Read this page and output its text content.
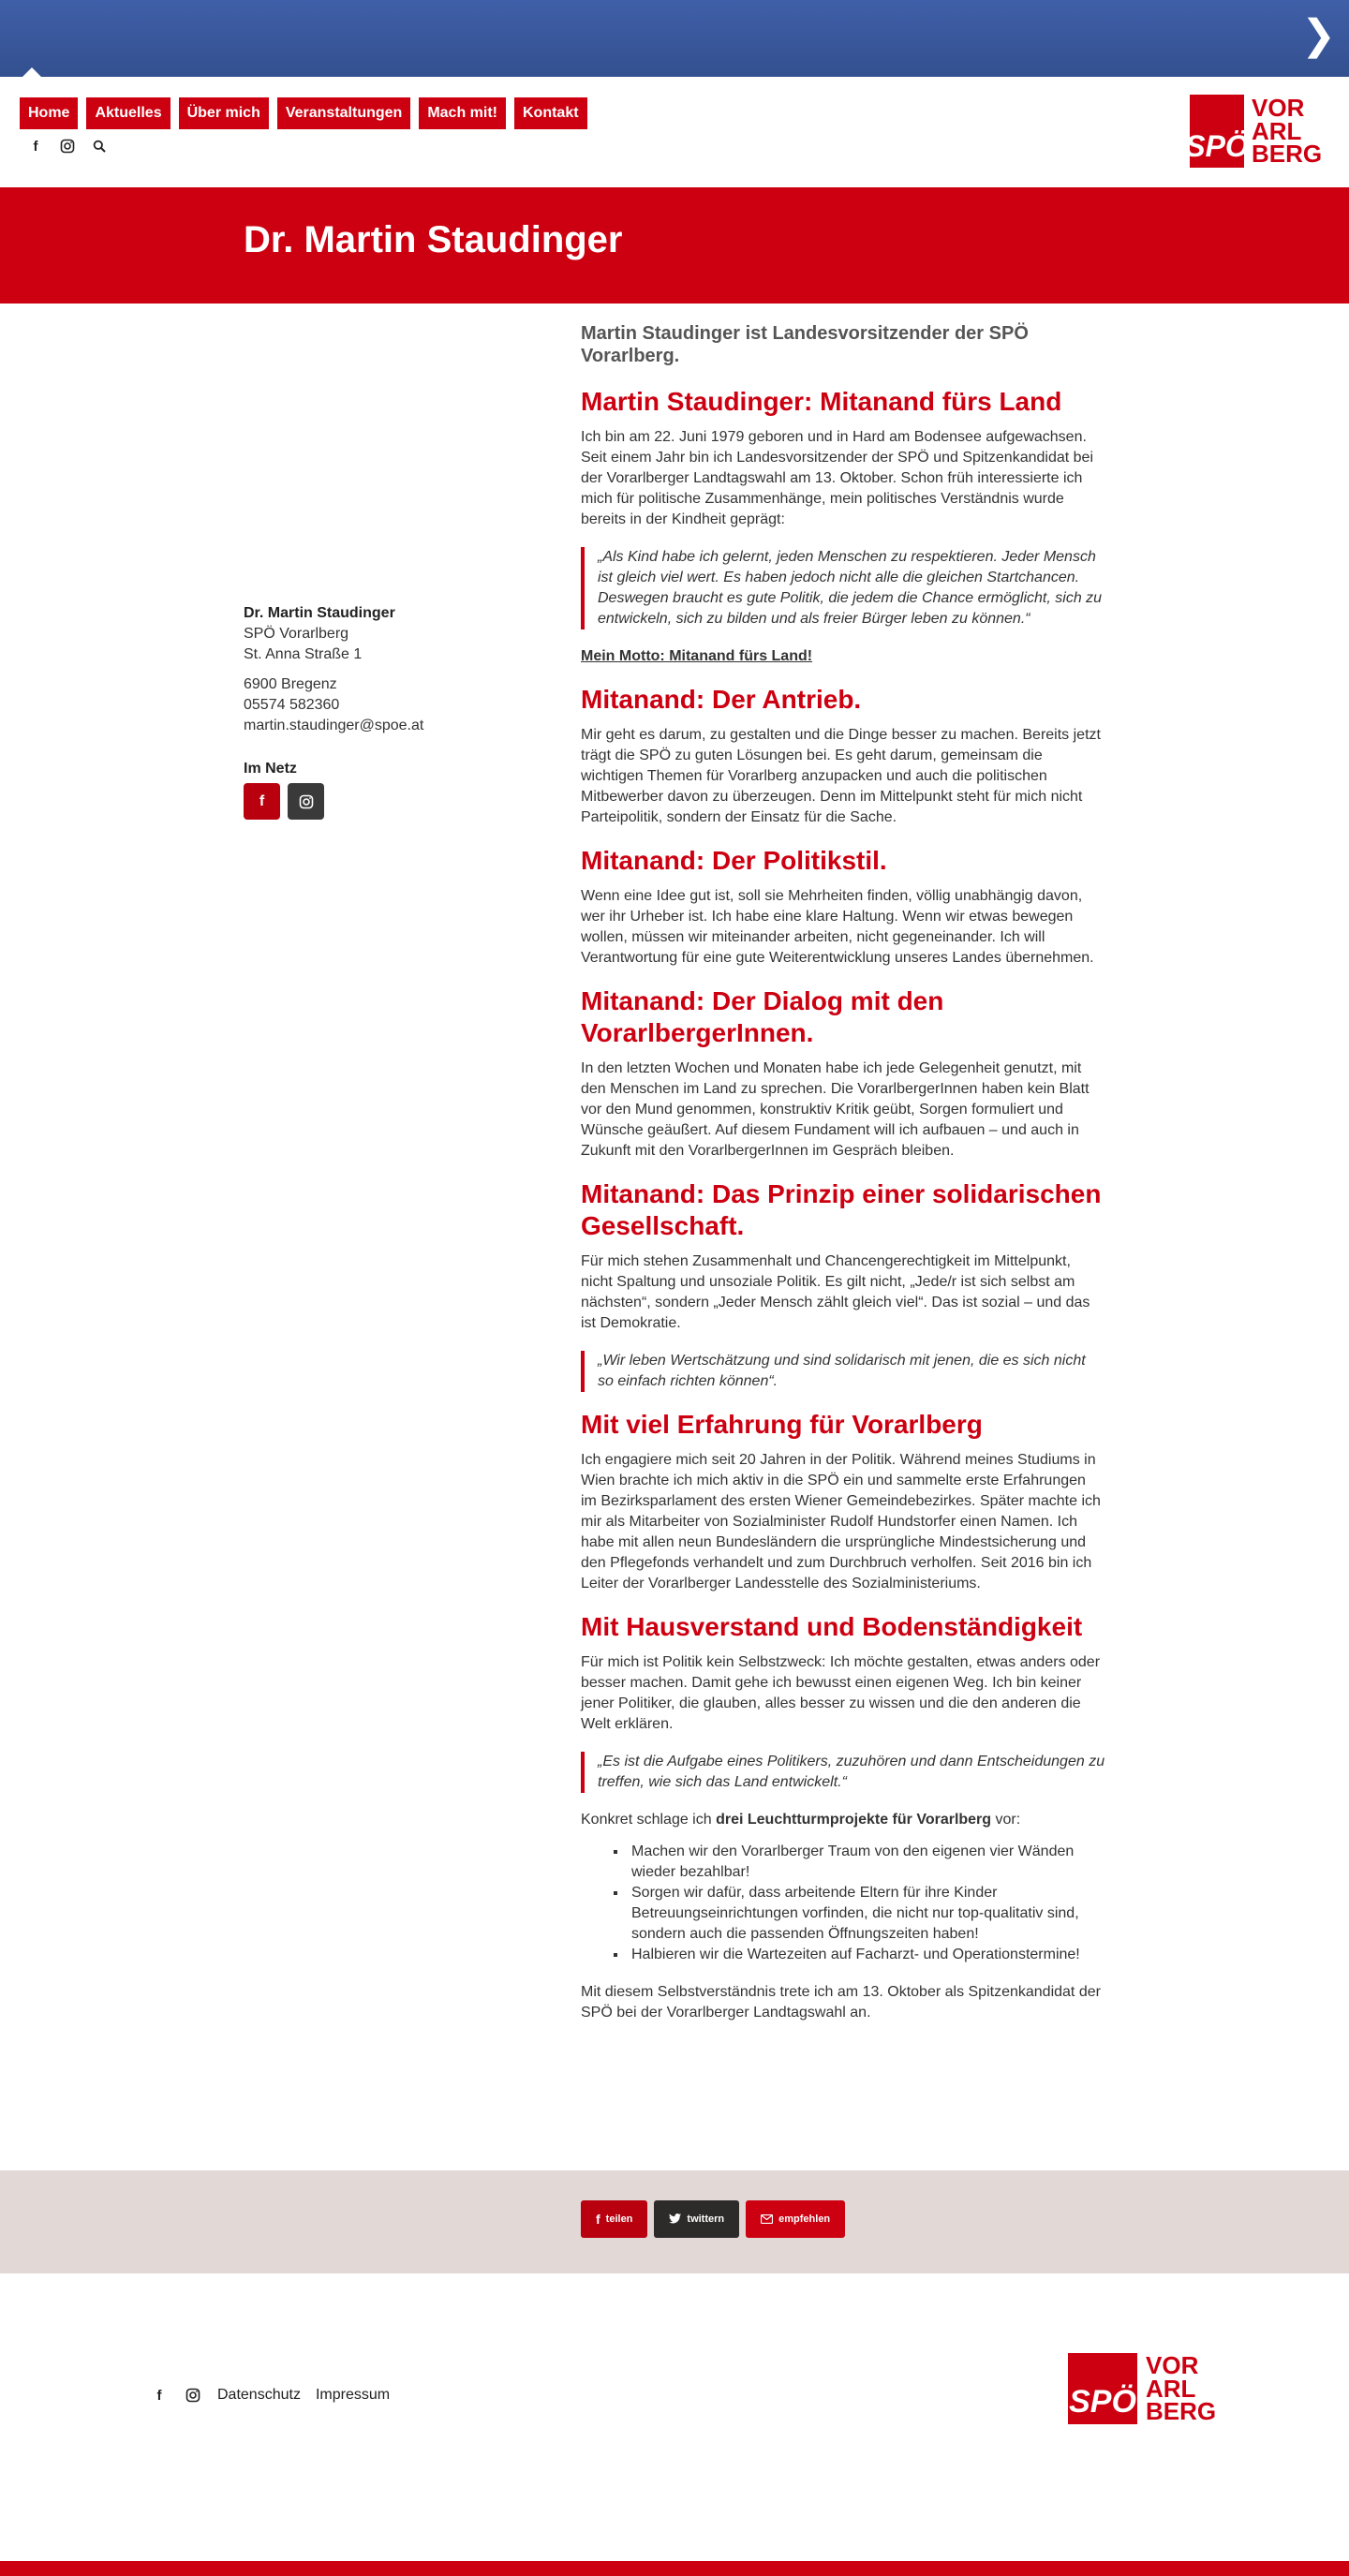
❯
Home	Aktuelles	Über mich	Veranstaltungen	Mach mit!	Kontakt
f	SPÖ
VOR
ARL
BERG
Dr. Martin Staudinger
Dr. Martin Staudinger
SPÖ Vorarlberg
St. Anna Straße 1
6900 Bregenz
05574 582360
martin.staudinger@spoe.at
Im Netz
f
Martin Staudinger ist Landesvorsitzender der SPÖ Vorarlberg.
Martin Staudinger: Mitanand fürs Land

Ich bin am 22. Juni 1979 geboren und in Hard am Bodensee aufgewachsen. Seit einem Jahr bin ich Landesvorsitzender der SPÖ und Spitzenkandidat bei der Vorarlberger Landtagswahl am 13. Oktober. Schon früh interessierte ich mich für politische Zusammenhänge, mein politisches Verständnis wurde bereits in der Kindheit geprägt:

„Als Kind habe ich gelernt, jeden Menschen zu respektieren. Jeder Mensch ist gleich viel wert. Es haben jedoch nicht alle die gleichen Startchancen. Deswegen braucht es gute Politik, die jedem die Chance ermöglicht, sich zu entwickeln, sich zu bilden und als freier Bürger leben zu können.“

Mein Motto: Mitanand fürs Land!

Mitanand: Der Antrieb.

Mir geht es darum, zu gestalten und die Dinge besser zu machen. Bereits jetzt trägt die SPÖ zu guten Lösungen bei. Es geht darum, gemeinsam die wichtigen Themen für Vorarlberg anzupacken und auch die politischen Mitbewerber davon zu überzeugen. Denn im Mittelpunkt steht für mich nicht Parteipolitik, sondern der Einsatz für die Sache.

Mitanand: Der Politikstil.

Wenn eine Idee gut ist, soll sie Mehrheiten finden, völlig unabhängig davon, wer ihr Urheber ist. Ich habe eine klare Haltung. Wenn wir etwas bewegen wollen, müssen wir miteinander arbeiten, nicht gegeneinander. Ich will Verantwortung für eine gute Weiterentwicklung unseres Landes übernehmen.

Mitanand: Der Dialog mit den VorarlbergerInnen.

In den letzten Wochen und Monaten habe ich jede Gelegenheit genutzt, mit den Menschen im Land zu sprechen. Die VorarlbergerInnen haben kein Blatt vor den Mund genommen, konstruktiv Kritik geübt, Sorgen formuliert und Wünsche geäußert. Auf diesem Fundament will ich aufbauen – und auch in Zukunft mit den VorarlbergerInnen im Gespräch bleiben.

Mitanand: Das Prinzip einer solidarischen Gesellschaft.

Für mich stehen Zusammenhalt und Chancengerechtigkeit im Mittelpunkt, nicht Spaltung und unsoziale Politik. Es gilt nicht, „Jede/r ist sich selbst am nächsten“, sondern „Jeder Mensch zählt gleich viel“. Das ist sozial – und das ist Demokratie.

„Wir leben Wertschätzung und sind solidarisch mit jenen, die es sich nicht so einfach richten können“.
Mit viel Erfahrung für Vorarlberg

Ich engagiere mich seit 20 Jahren in der Politik. Während meines Studiums in Wien brachte ich mich aktiv in die SPÖ ein und sammelte erste Erfahrungen im Bezirksparlament des ersten Wiener Gemeindebezirkes. Später machte ich mir als Mitarbeiter von Sozialminister Rudolf Hundstorfer einen Namen. Ich habe mit allen neun Bundesländern die ursprüngliche Mindestsicherung und den Pflegefonds verhandelt und zum Durchbruch verholfen. Seit 2016 bin ich Leiter der Vorarlberger Landesstelle des Sozialministeriums.

Mit Hausverstand und Bodenständigkeit

Für mich ist Politik kein Selbstzweck: Ich möchte gestalten, etwas anders oder besser machen. Damit gehe ich bewusst einen eigenen Weg. Ich bin keiner jener Politiker, die glauben, alles besser zu wissen und die den anderen die Welt erklären.

„Es ist die Aufgabe eines Politikers, zuzuhören und dann Entscheidungen zu treffen, wie sich das Land entwickelt.“

Konkret schlage ich drei Leuchtturmprojekte für Vorarlberg vor:

▪ Machen wir den Vorarlberger Traum von den eigenen vier Wänden wieder bezahlbar!
▪ Sorgen wir dafür, dass arbeitende Eltern für ihre Kinder Betreuungseinrichtungen vorfinden, die nicht nur top-qualitativ sind, sondern auch die passenden Öffnungszeiten haben!
▪ Halbieren wir die Wartezeiten auf Facharzt- und Operationstermine!

Mit diesem Selbstverständnis trete ich am 13. Oktober als Spitzenkandidat der SPÖ bei der Vorarlberger Landtagswahl an.

f teilen	twittern	empfehlen
f	Datenschutz Impressum	SPÖ
VOR
ARL
BERG
